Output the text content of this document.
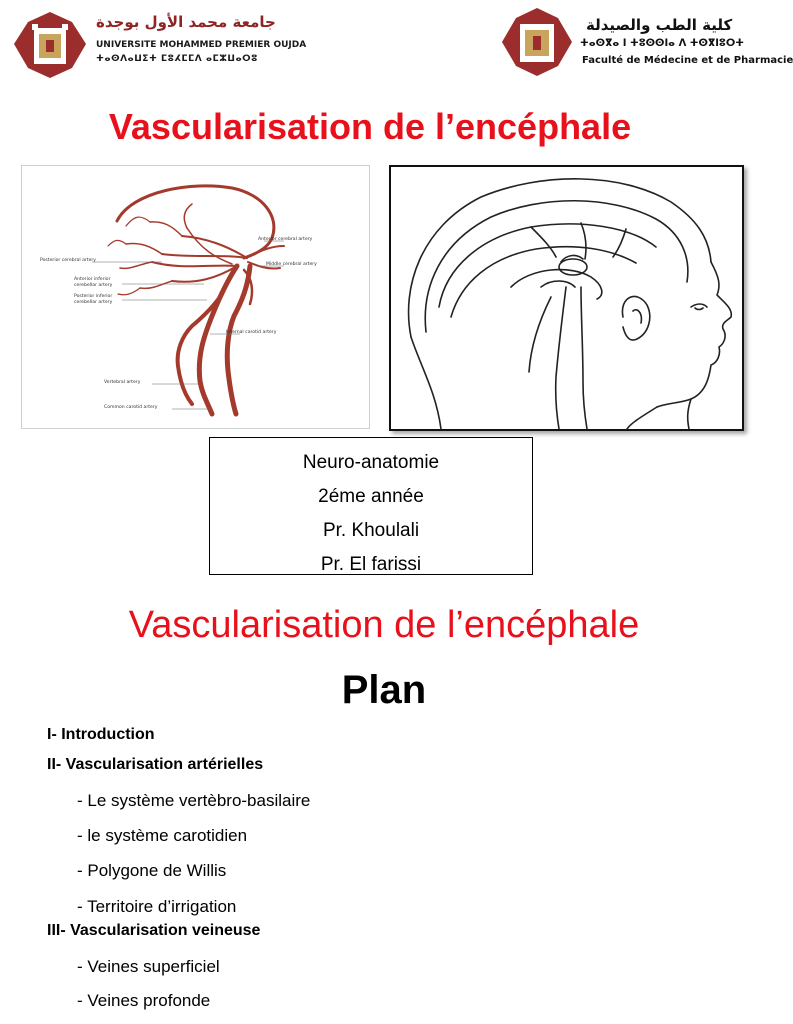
جامعة محمد الأول بوجدة
UNIVERSITE MOHAMMED PREMIER OUJDA
ⵜⴰⵙⴷⴰⵡⵉⵜ ⵎⵓⵃⵎⵎⴷ ⴰⵎⵣⵡⴰⵔⵓ
كلية الطب والصيدلة
ⵜⴰⵙⴳⴰ ⵏ ⵜⵓⵙⵙⵏⴰ ⴷ ⵜⵙⴳⵏⵓⵔⵜ
Faculté de Médecine et de Pharmacie
Vascularisation de l’encéphale
Anterior cerebral artery
Posterior cerebral artery
Middle cerebral artery
Anterior inferior
cerebellar artery
Posterior inferior
cerebellar artery
Internal carotid artery
Vertebral artery
Common carotid artery
Neuro-anatomie
2éme année
Pr. Khoulali
Pr. El farissi
Vascularisation de l’encéphale
Plan
I- Introduction
II- Vascularisation artérielles
- Le système vertèbro-basilaire
- le système carotidien
- Polygone de Willis
- Territoire d’irrigation
III- Vascularisation veineuse
- Veines superficiel
- Veines profonde
